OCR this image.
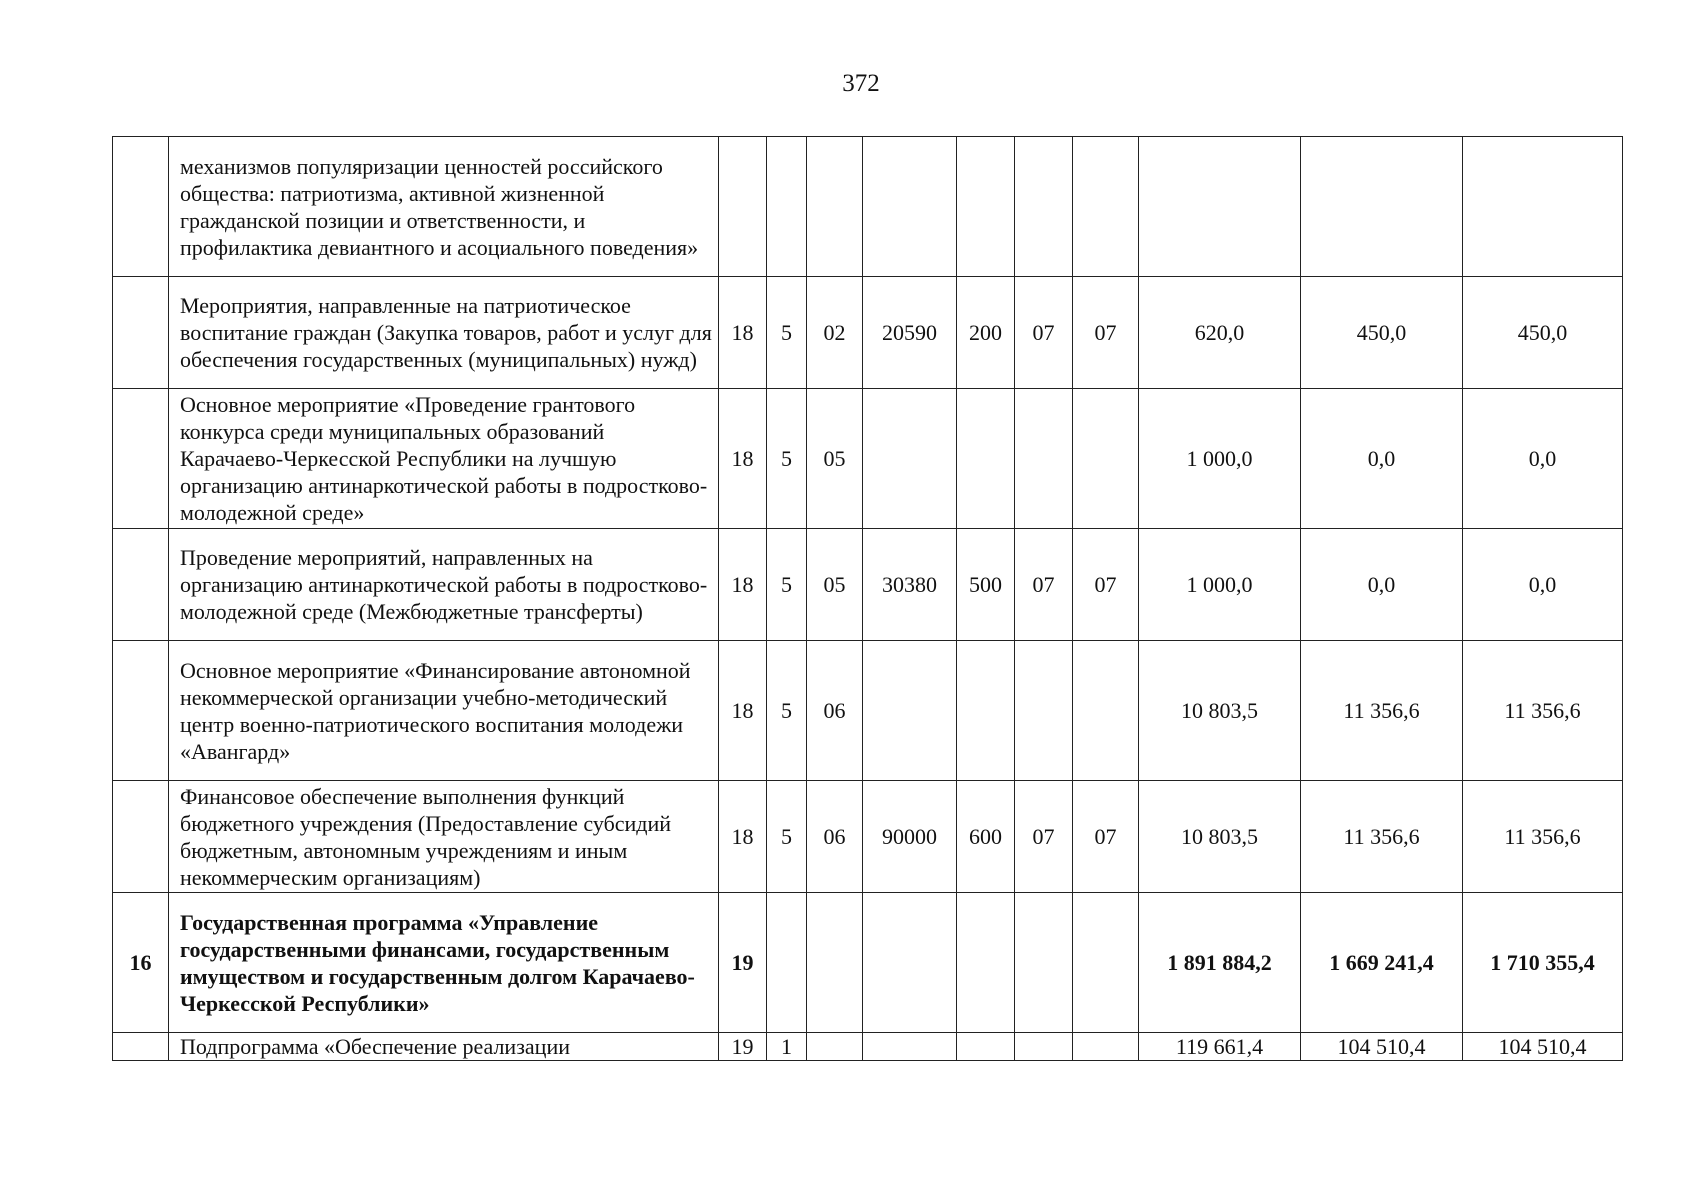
372
	механизмов популяризации ценностей российского общества: патриотизма, активной жизненной гражданской позиции и ответственности, и профилактика девиантного и асоциального поведения»										
	Мероприятия, направленные на патриотическое воспитание граждан (Закупка товаров, работ и услуг для обеспечения государственных (муниципальных) нужд)	18	5	02	20590	200	07	07	620,0	450,0	450,0
	Основное мероприятие «Проведение грантового конкурса среди муниципальных образований Карачаево-Черкесской Республики на лучшую организацию антинаркотической работы в подростково-молодежной среде»	18	5	05					1 000,0	0,0	0,0
	Проведение мероприятий, направленных на организацию антинаркотической работы в подростково-молодежной среде (Межбюджетные трансферты)	18	5	05	30380	500	07	07	1 000,0	0,0	0,0
	Основное мероприятие «Финансирование автономной некоммерческой организации учебно-методический центр военно-патриотического воспитания молодежи «Авангард»	18	5	06					10 803,5	11 356,6	11 356,6
	Финансовое обеспечение выполнения функций бюджетного учреждения (Предоставление субсидий бюджетным, автономным учреждениям и иным некоммерческим организациям)	18	5	06	90000	600	07	07	10 803,5	11 356,6	11 356,6
16	Государственная программа «Управление государственными финансами, государственным имуществом и государственным долгом Карачаево-Черкесской Республики»	19							1 891 884,2	1 669 241,4	1 710 355,4
	Подпрограмма «Обеспечение реализации	19	1						119 661,4	104 510,4	104 510,4
